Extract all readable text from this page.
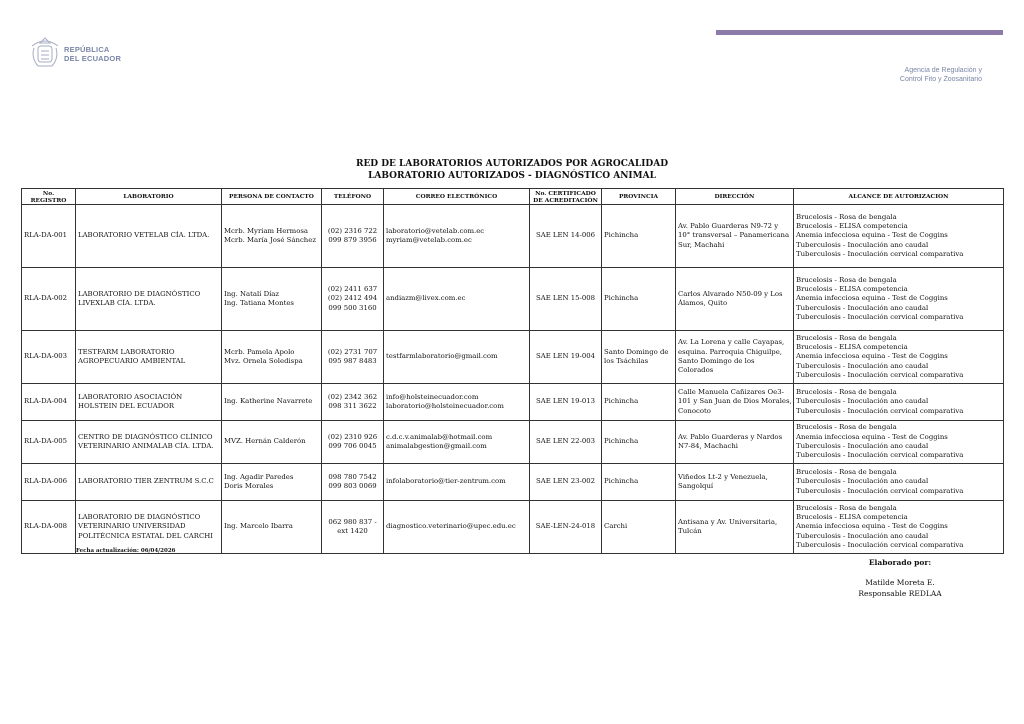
REPÚBLICA
DEL ECUADOR
Agencia de Regulación y
Control Fito y Zoosanitario
RED DE LABORATORIOS AUTORIZADOS POR AGROCALIDAD
LABORATORIO AUTORIZADOS - DIAGNÓSTICO ANIMAL
No. REGISTRO	LABORATORIO	PERSONA DE CONTACTO	TELÉFONO	CORREO ELECTRÓNICO	No. CERTIFICADO DE ACREDITACIÓN	PROVINCIA	DIRECCIÓN	ALCANCE DE AUTORIZACION
RLA-DA-001	LABORATORIO VETELAB CÍA. LTDA.	Mcrb. Myriam Hermosa
Mcrb. María José Sánchez	(02) 2316 722
099 879 3956	laboratorio@vetelab.com.ec
myriam@vetelab.com.ec	SAE LEN 14-006	Pichincha	Av. Pablo Guarderas N9-72 y
10° transversal – Panamericana
Sur, Machahi	Brucelosis - Rosa de bengala
Brucelosis - ELISA competencia
Anemia infecciosa equina - Test de Coggins
Tuberculosis - Inoculación ano caudal
Tuberculosis - Inoculación cervical comparativa

RLA-DA-002	LABORATORIO DE DIAGNÓSTICO
LIVEXLAB CÍA. LTDA.	Ing. Natalí Díaz
Ing. Tatiana Montes	(02) 2411 637
(02) 2412 494
099 500 3160	andiazm@livex.com.ec	SAE LEN 15-008	Pichincha	Carlos Alvarado N50-09 y Los
Álamos, Quito	Brucelosis - Rosa de bengala
Brucelosis - ELISA competencia
Anemia infecciosa equina - Test de Coggins
Tuberculosis - Inoculación ano caudal
Tuberculosis - Inoculación cervical comparativa

RLA-DA-003	TESTFARM LABORATORIO
AGROPECUARIO AMBIENTAL	Mcrb. Pamela Apolo
Mvz. Ornela Soledispa	(02) 2731 707
095 987 8483	testfarmlaboratorio@gmail.com	SAE LEN 19-004	Santo Domingo de
los Tsáchilas	Av. La Lorena y calle Cayapas,
esquina. Parroquia Chiguilpe,
Santo Domingo de los
Colorados	Brucelosis - Rosa de bengala
Brucelosis - ELISA competencia
Anemia infecciosa equina - Test de Coggins
Tuberculosis - Inoculación ano caudal
Tuberculosis - Inoculación cervical comparativa

RLA-DA-004	LABORATORIO ASOCIACIÓN
HOLSTEIN DEL ECUADOR	Ing. Katherine Navarrete	(02) 2342 362
098 311 3622	info@holsteinecuador.com
laboratorio@holsteinecuador.com	SAE LEN 19-013	Pichincha	Calle Manuela Cañizares Oe3-
101 y San Juan de Dios Morales,
Conocoto	Brucelosis - Rosa de bengala
Tuberculosis - Inoculación ano caudal
Tuberculosis - Inoculación cervical comparativa

RLA-DA-005	CENTRO DE DIAGNÓSTICO CLÍNICO
VETERINARIO ANIMALAB CÍA. LTDA.	MVZ. Hernán Calderón	(02) 2310 926
099 706 0045	c.d.c.v.animalab@hotmail.com
animalabgestion@gmail.com	SAE LEN 22-003	Pichincha	Av. Pablo Guarderas y Nardos
N7-84, Machachi	Brucelosis - Rosa de bengala
Anemia infecciosa equina - Test de Coggins
Tuberculosis - Inoculación ano caudal
Tuberculosis - Inoculación cervical comparativa

RLA-DA-006	LABORATORIO TIER ZENTRUM S.C.C	Ing. Agadir Paredes
Doris Morales	098 780 7542
099 803 0069	infolaboratorio@tier-zentrum.com	SAE LEN 23-002	Pichincha	Viñedos Lt-2 y Venezuela,
Sangolquí	Brucelosis - Rosa de bengala
Tuberculosis - Inoculación ano caudal
Tuberculosis - Inoculación cervical comparativa

RLA-DA-008	LABORATORIO DE DIAGNÓSTICO
VETERINARIO UNIVERSIDAD
POLITÉCNICA ESTATAL DEL CARCHI	Ing. Marcelo Ibarra	062 980 837 -
ext 1420	diagnostico.veterinario@upec.edu.ec	SAE-LEN-24-018	Carchi	Antisana y Av. Universitaria,
Tulcán	Brucelosis - Rosa de bengala
Brucelosis - ELISA competencia
Anemia infecciosa equina - Test de Coggins
Tuberculosis - Inoculación ano caudal
Tuberculosis - Inoculación cervical comparativa
Fecha actualización: 06/04/2026
Elaborado por:
Matilde Moreta E.
Responsable REDLAA
